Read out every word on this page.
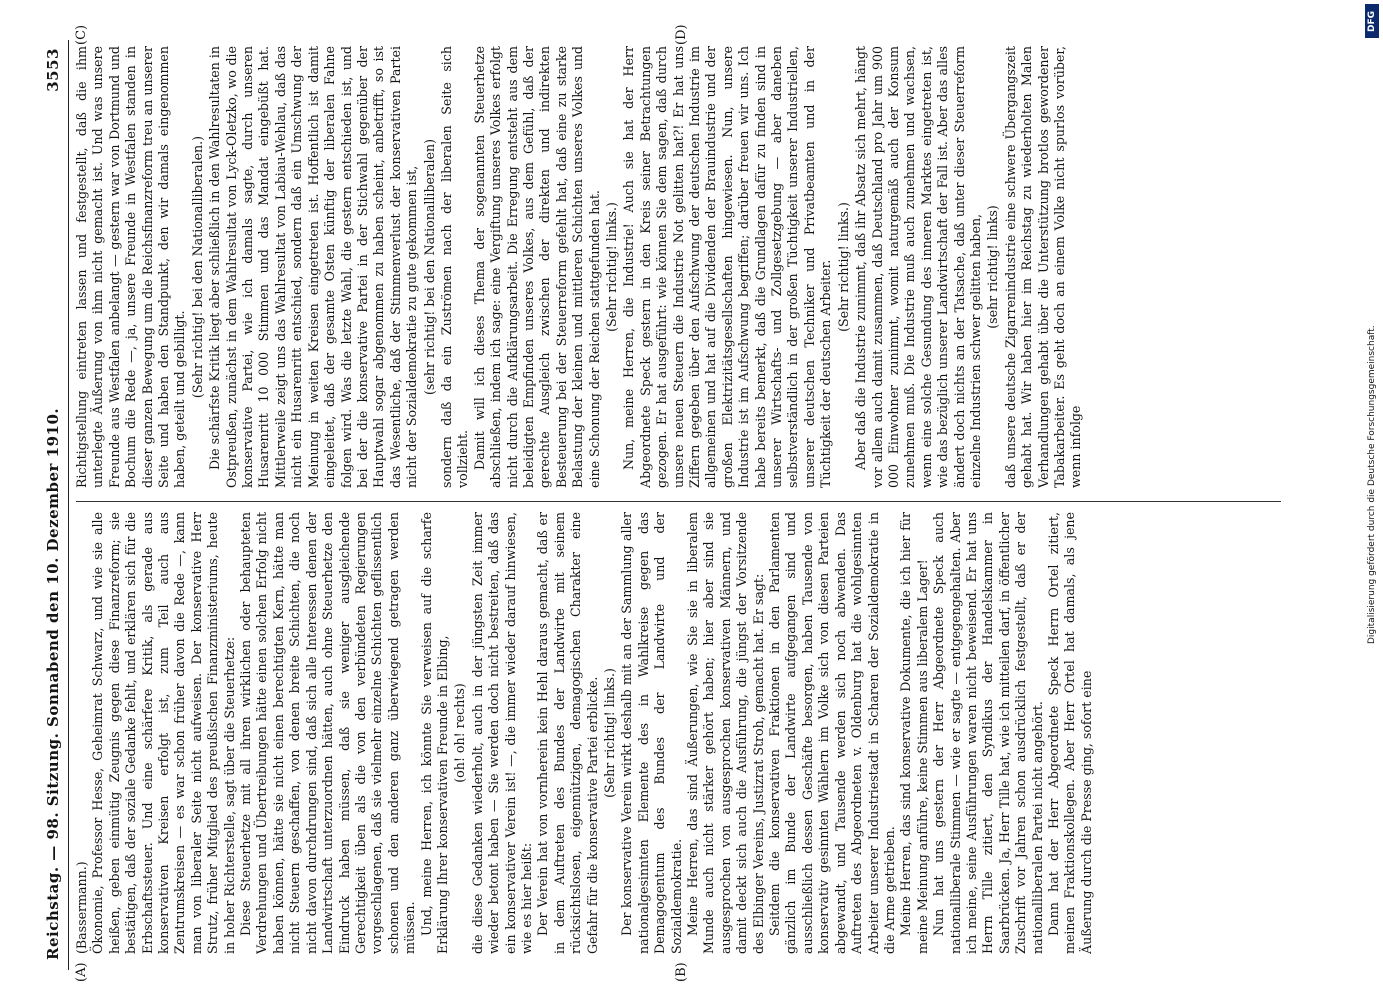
Reichstag. — 98. Sitzung. Sonnabend den 10. Dezember 1910.
3553
(A)	(B)
(C)	(D)

(Bassermann.) Ökonomie, Professor Hesse, Geheimrat Schwarz, und wie sie alle heißen, geben einmütig Zeugnis gegen diese Finanzreform; sie bestätigen, daß der soziale Gedanke fehlt, und erklären sich für die Erbschaftssteuer. Und eine schärfere Kritik, als gerade aus konservativen Kreisen erfolgt ist, zum Teil auch aus Zentrumskreisen — es war schon früher davon die Rede —, kann man von liberaler Seite nicht aufweisen. Der konservative Herr Strutz, früher Mitglied des preußischen Finanzministeriums, heute in hoher Richterstelle, sagt über die Steuerhetze: Diese Steuerhetze mit all ihren wirklichen oder behaupteten Verdrehungen und Übertreibungen hätte einen solchen Erfolg nicht haben können, hätte sie nicht einen berechtigten Kern, hätte man nicht Steuern geschaffen, von denen breite Schichten, die noch nicht davon durchdrungen sind, daß sich alle Interessen denen der Landwirtschaft unterzuordnen hätten, auch ohne Steuerhetze den Eindruck haben müssen, daß sie weniger ausgleichende Gerechtigkeit üben als die von den verbündeten Regierungen vorgeschlagenen, daß sie vielmehr einzelne Schichten geflissentlich schonen und den anderen ganz überwiegend getragen werden müssen. Und, meine Herren, ich könnte Sie verweisen auf die scharfe Erklärung Ihrer konservativen Freunde in Elbing, (oh! oh! rechts) die diese Gedanken wiederholt, auch in der jüngsten Zeit immer wieder betont haben — Sie werden doch nicht bestreiten, daß das ein konservativer Verein ist! —, die immer wieder darauf hinwiesen, wie es hier heißt: Der Verein hat von vornherein kein Hehl daraus gemacht, daß er in dem Auftreten des Bundes der Landwirte mit seinem rücksichtslosen, eigennützigen, demagogischen Charakter eine Gefahr für die konservative Partei erblicke. (Sehr richtig! links.) Der konservative Verein wirkt deshalb mit an der Sammlung aller nationalgesinnten Elemente des in Wahlkreise gegen das Demagogentum des Bundes der Landwirte und der Sozialdemokratie. Meine Herren, das sind Äußerungen, wie Sie sie in liberalem Munde auch nicht stärker gehört haben; hier aber sind sie ausgesprochen von ausgesprochen konservativen Männern, und damit deckt sich auch die Ausführung, die jüngst der Vorsitzende des Elbinger Vereins, Justizrat Stroh, gemacht hat. Er sagt: Seitdem die konservativen Fraktionen in den Parlamenten gänzlich im Bunde der Landwirte aufgegangen sind und ausschließlich dessen Geschäfte besorgen, haben Tausende von konservativ gesinnten Wählern im Volke sich von diesen Parteien abgewandt, und Tausende werden sich noch abwenden. Das Auftreten des Abgeordneten v. Oldenburg hat die wohlgesinnten Arbeiter unserer Industriestadt in Scharen der Sozialdemokratie in die Arme getrieben. Meine Herren, das sind konservative Dokumente, die ich hier für meine Meinung anführe, keine Stimmen aus liberalem Lager! Nun hat uns gestern der Herr Abgeordnete Speck auch nationalliberale Stimmen — wie er sagte — entgegengehalten. Aber ich meine, seine Ausführungen waren nicht beweisend. Er hat uns Herrn Tille zitiert, den Syndikus der Handelskammer in Saarbrücken. Ja, Herr Tille hat, wie ich mitteilen darf, in öffentlicher Zuschrift vor Jahren schon ausdrücklich festgestellt, daß er der nationalliberalen Partei nicht angehört. Dann hat der Herr Abgeordnete Speck Herrn Ortel zitiert, meinen Fraktionskollegen. Aber Herr Ortel hat damals, als jene Äußerung durch die Presse ging, sofort eine

Richtigstellung eintreten lassen und festgestellt, daß die ihm unterlegte Äußerung von ihm nicht gemacht ist. Und was unsere Freunde aus Westfalen anbelangt — gestern war von Dortmund und Bochum die Rede —, ja, unsere Freunde in Westfalen standen in dieser ganzen Bewegung um die Reichsfinanzreform treu an unserer Seite und haben den Standpunkt, den wir damals eingenommen haben, geteilt und gebilligt.

(Sehr richtig! bei den Nationalliberalen.) Die schärfste Kritik liegt aber schließlich in den Wahlresultaten in Ostpreußen, zunächst in dem Wahlresultat von Lyck-Oletzko, wo die konservative Partei, wie ich damals sagte, durch unseren Husarenritt 10 000 Stimmen und das Mandat eingebüßt hat. Mittlerweile zeigt uns das Wahlresultat von Labiau-Wehlau, daß das nicht ein Husarenritt entschied, sondern daß ein Umschwung der Meinung in weiten Kreisen eingetreten ist. Hoffentlich ist damit eingeleitet, daß der gesamte Osten künftig der liberalen Fahne folgen wird. Was die letzte Wahl, die gestern entschieden ist, und bei der die konservative Partei in der Stichwahl gegenüber der Hauptwahl sogar abgenommen zu haben scheint, anbetrifft, so ist das Wesentliche, daß der Stimmenverlust der konservativen Partei nicht der Sozialdemokratie zu gute gekommen ist, (sehr richtig! bei den Nationalliberalen) sondern daß da ein Zuströmen nach der liberalen Seite sich vollzieht. Damit will ich dieses Thema der sogenannten Steuerhetze abschließen, indem ich sage: eine Vergiftung unseres Volkes erfolgt nicht durch die Aufklärungsarbeit. Die Erregung entsteht aus dem beleidigten Empfinden unseres Volkes, aus dem Gefühl, daß der gerechte Ausgleich zwischen der direkten und indirekten Besteuerung bei der Steuerreform gefehlt hat, daß eine zu starke Belastung der kleinen und mittleren Schichten unseres Volkes und eine Schonung der Reichen stattgefunden hat. (Sehr richtig! links.) Nun, meine Herren, die Industrie! Auch sie hat der Herr Abgeordnete Speck gestern in den Kreis seiner Betrachtungen gezogen. Er hat ausgeführt: wie können Sie dem sagen, daß durch unsere neuen Steuern die Industrie Not gelitten hat?! Er hat uns Ziffern gegeben über den Aufschwung der deutschen Industrie im allgemeinen und hat auf die Dividenden der Brauindustrie und der großen Elektrizitätsgesellschaften hingewiesen. Nun, unsere Industrie ist im Aufschwung begriffen; darüber freuen wir uns. Ich habe bereits bemerkt, daß die Grundlagen dafür zu finden sind in unserer Wirtschafts- und Zollgesetzgebung — aber daneben selbstverständlich in der großen Tüchtigkeit unserer Industriellen, unserer deutschen Techniker und Privatbeamten und in der Tüchtigkeit der deutschen Arbeiter. (Sehr richtig! links.) Aber daß die Industrie zunimmt, daß ihr Absatz sich mehrt, hängt vor allem auch damit zusammen, daß Deutschland pro Jahr um 900 000 Einwohner zunimmt, womit naturgemäß auch der Konsum zunehmen muß. Die Industrie muß auch zunehmen und wachsen, wenn eine solche Gesundung des inneren Marktes eingetreten ist, wie das bezüglich unserer Landwirtschaft der Fall ist. Aber das alles ändert doch nichts an der Tatsache, daß unter dieser Steuerreform einzelne Industrien schwer gelitten haben, (sehr richtig! links) daß unsere deutsche Zigarrenindustrie eine schwere Übergangszeit gehabt hat. Wir haben hier im Reichstag zu wiederholten Malen Verhandlungen gehabt über die Unterstützung brotlos gewordener Tabakarbeiter. Es geht doch an einem Volke nicht spurlos vorüber, wenn infolge

DFG
Digitalisierung gefördert durch die Deutsche Forschungsgemeinschaft.
